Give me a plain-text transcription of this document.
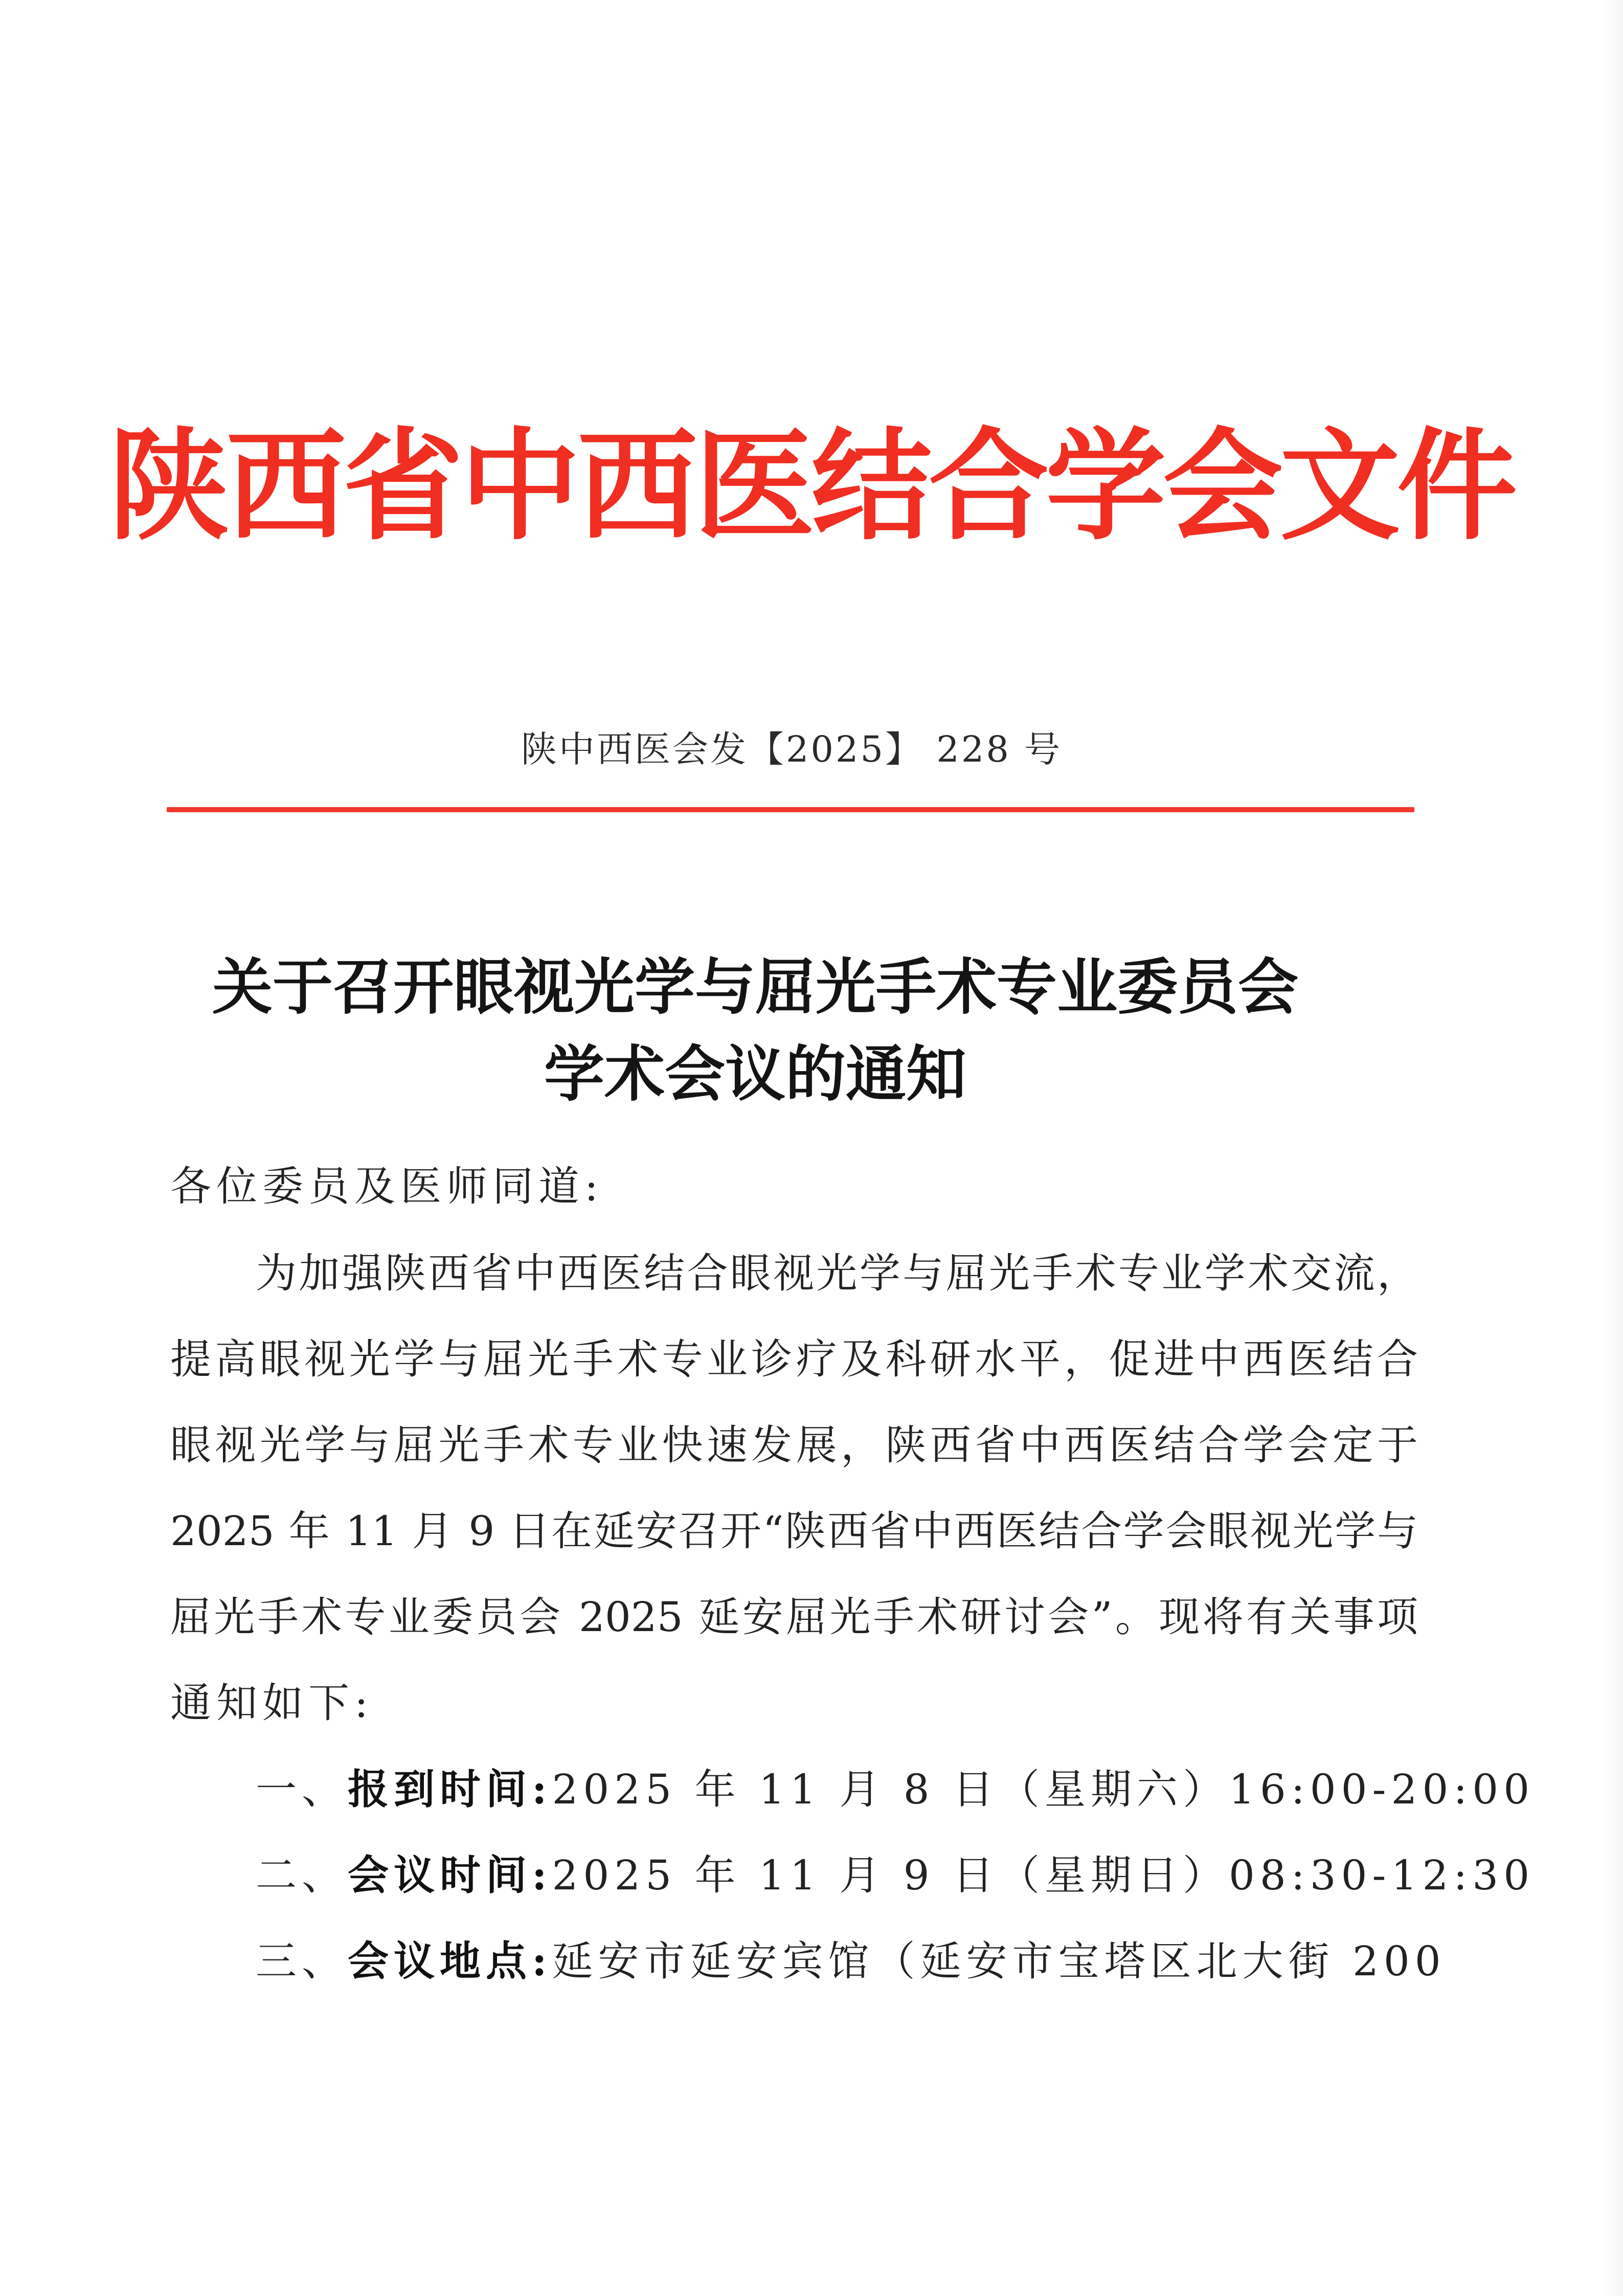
陕西省中西医结合学会文件
陕中西医会发【2025】 228 号
关于召开眼视光学与屈光手术专业委员会
学术会议的通知
各位委员及医师同道:
为加强陕西省中西医结合眼视光学与屈光手术专业学术交流，
提高眼视光学与屈光手术专业诊疗及科研水平，促进中西医结合
眼视光学与屈光手术专业快速发展，陕西省中西医结合学会定于
2025 年 11 月 9 日在延安召开“陕西省中西医结合学会眼视光学与
屈光手术专业委员会 2025 延安屈光手术研讨会”。现将有关事项
通知如下:
一、报到时间:2025 年 11 月 8 日（星期六）16:00-20:00
二、会议时间:2025 年 11 月 9 日（星期日）08:30-12:30
三、会议地点:延安市延安宾馆（延安市宝塔区北大街 200
